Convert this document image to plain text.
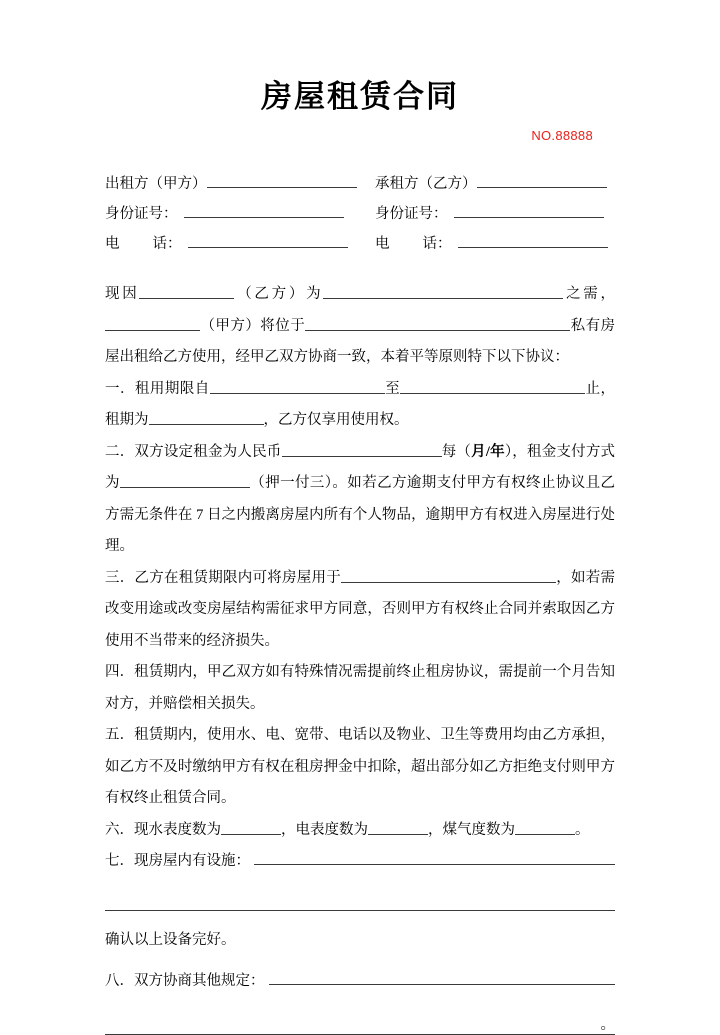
房屋租赁合同
NO.88888
出租方（甲方）	承租方（乙方）
身份证号：	身份证号：
电话 ：	电话 ：

现因	（乙方）为	之需，（甲方）将位于	私有房屋出租给乙方使用，经甲乙双方协商一致，本着平等原则特下以下协议：

一．租用期限自	至	止，租期为	，乙方仅享用使用权。

二．双方设定租金为人民币	每（月/年），租金支付方式为	（押一付三）。如若乙方逾期支付甲方有权终止协议且乙方需无条件在 7 日之内搬离房屋内所有个人物品，逾期甲方有权进入房屋进行处理。

三．乙方在租赁期限内可将房屋用于	，如若需改变用途或改变房屋结构需征求甲方同意，否则甲方有权终止合同并索取因乙方使用不当带来的经济损失。

四．租赁期内，甲乙双方如有特殊情况需提前终止租房协议，需提前一个月告知对方，并赔偿相关损失。

五．租赁期内，使用水、电、宽带、电话以及物业、卫生等费用均由乙方承担，如乙方不及时缴纳甲方有权在租房押金中扣除，超出部分如乙方拒绝支付则甲方有权终止租赁合同。

六．现水表度数为	，电表度数为	，煤气度数为	。

七． 现房屋内有设施：

确认以上设备完好。

八． 双方协商其他规定：
。
